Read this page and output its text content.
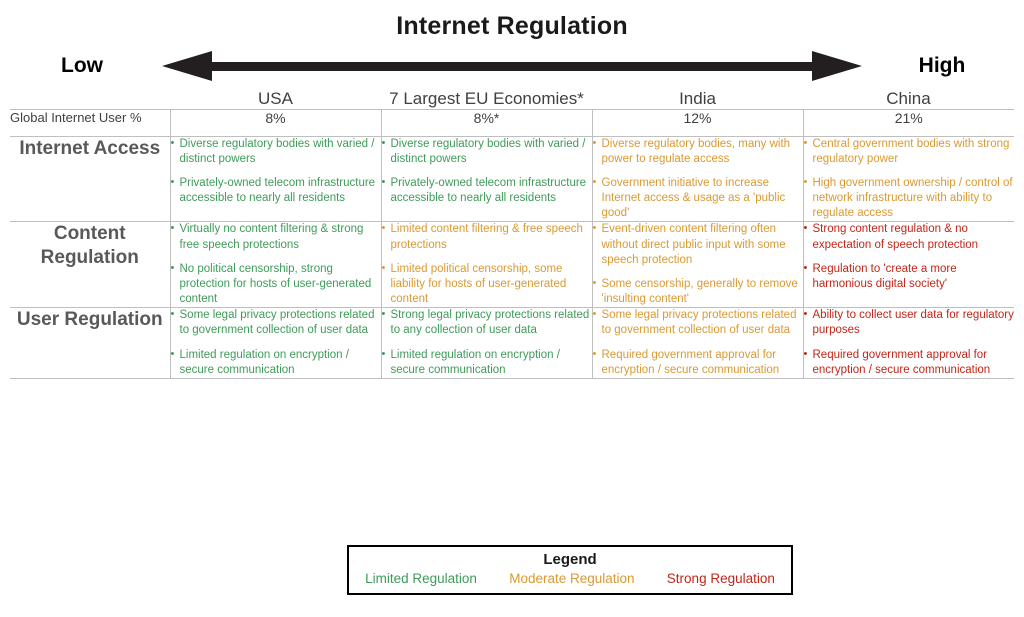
Internet Regulation
Low	High
	USA	7 Largest EU Economies*	India	China
Global Internet User %	8%	8%*	12%	21%
Internet Access	
•Diverse regulatory bodies with varied / distinct powers
• Privately-owned telecom infrastructure accessible to nearly all residents

• Diverse regulatory bodies with varied / distinct powers
• Privately-owned telecom infrastructure accessible to nearly all residents

• Diverse regulatory bodies, many with power to regulate access
• Government initiative to increase Internet access & usage as a 'public good'

• Central government bodies with strong regulatory power
• High government ownership / control of network infrastructure with ability to regulate access

Content Regulation	
• Virtually no content filtering & strong free speech protections
• No political censorship, strong protection for hosts of user-generated content

• Limited content filtering & free speech protections
• Limited political censorship, some liability for hosts of user-generated content

• Event-driven content filtering often without direct public input with some speech protection
• Some censorship, generally to remove 'insulting content'

• Strong content regulation & no expectation of speech protection
• Regulation to 'create a more harmonious digital society'

User Regulation	
•Some legal privacy protections related to government collection of user data
• Limited regulation on encryption / secure communication

• Strong legal privacy protections related to any collection of user data
• Limited regulation on encryption / secure communication

• Some legal privacy protections related to government collection of user data
• Required government approval for encryption / secure communication

• Ability to collect user data for regulatory purposes
• Required government approval for encryption / secure communication
Legend
Limited Regulation Moderate Regulation Strong Regulation
